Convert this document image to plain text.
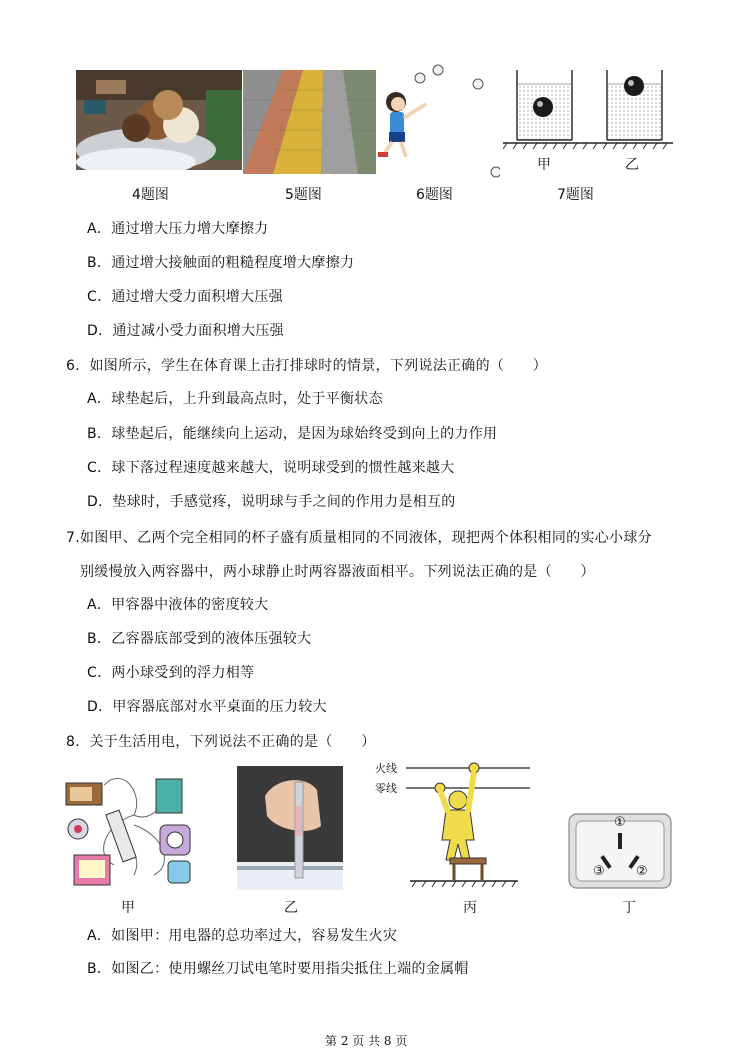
甲	乙
4题图	5题图	6题图	7题图
A．通过增大压力增大摩擦力
B．通过增大接触面的粗糙程度增大摩擦力
C．通过增大受力面积增大压强
D．通过减小受力面积增大压强
6．如图所示，学生在体育课上击打排球时的情景，下列说法正确的（　　）
A．球垫起后，上升到最高点时，处于平衡状态
B．球垫起后，能继续向上运动，是因为球始终受到向上的力作用
C．球下落过程速度越来越大，说明球受到的惯性越来越大
D．垫球时，手感觉疼，说明球与手之间的作用力是相互的
7.如图甲、乙两个完全相同的杯子盛有质量相同的不同液体，现把两个体积相同的实心小球分
别缓慢放入两容器中，两小球静止时两容器液面相平。下列说法正确的是（　　）
A．甲容器中液体的密度较大
B．乙容器底部受到的液体压强较大
C．两小球受到的浮力相等
D．甲容器底部对水平桌面的压力较大
8．关于生活用电，下列说法不正确的是（　　）
火线
零线
①
②
③
甲	乙	丙	丁
A．如图甲：用电器的总功率过大，容易发生火灾
B．如图乙：使用螺丝刀试电笔时要用指尖抵住上端的金属帽
第 2 页 共 8 页
